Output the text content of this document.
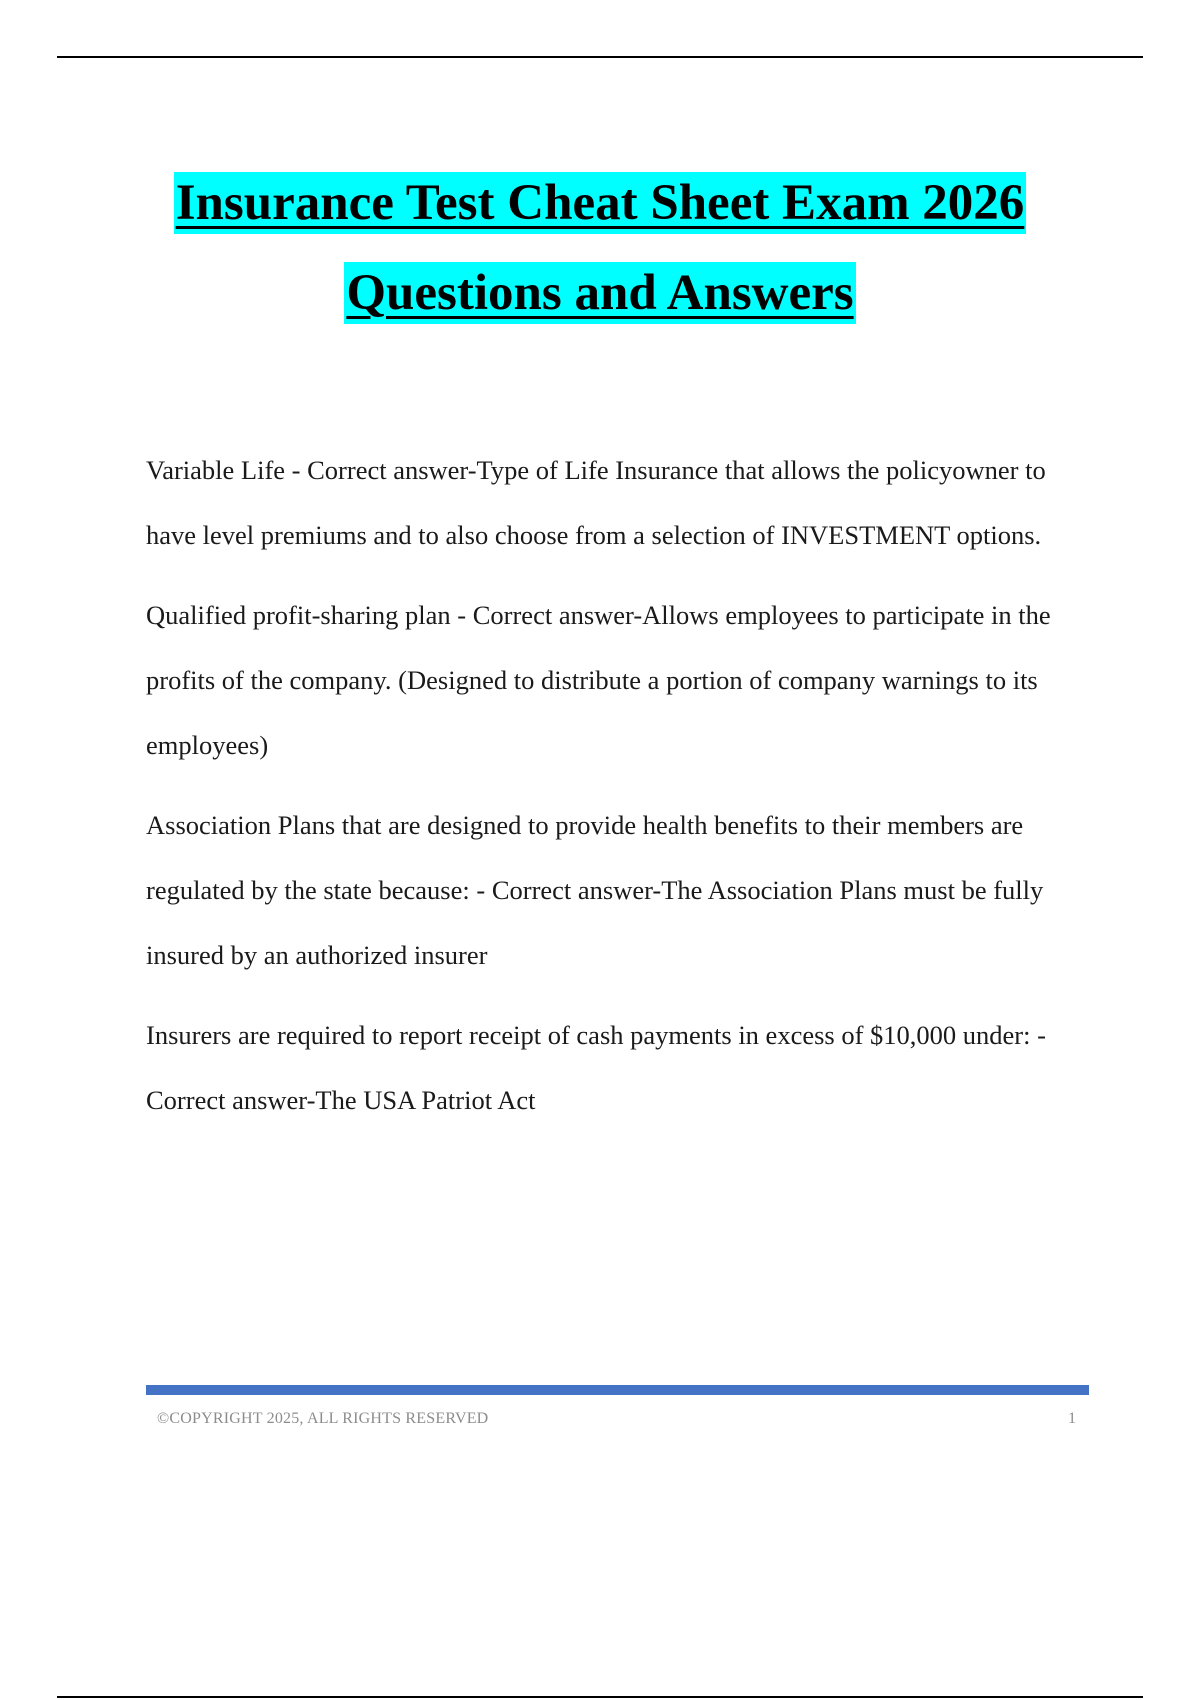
Insurance Test Cheat Sheet Exam 2026
Questions and Answers

Variable Life - Correct answer-Type of Life Insurance that allows the policyowner to have level premiums and to also choose from a selection of INVESTMENT options.

Qualified profit-sharing plan - Correct answer-Allows employees to participate in the profits of the company. (Designed to distribute a portion of company warnings to its employees)

Association Plans that are designed to provide health benefits to their members are regulated by the state because: - Correct answer-The Association Plans must be fully insured by an authorized insurer

Insurers are required to report receipt of cash payments in excess of $10,000 under: - Correct answer-The USA Patriot Act

©COPYRIGHT 2025, ALL RIGHTS RESERVED	1
